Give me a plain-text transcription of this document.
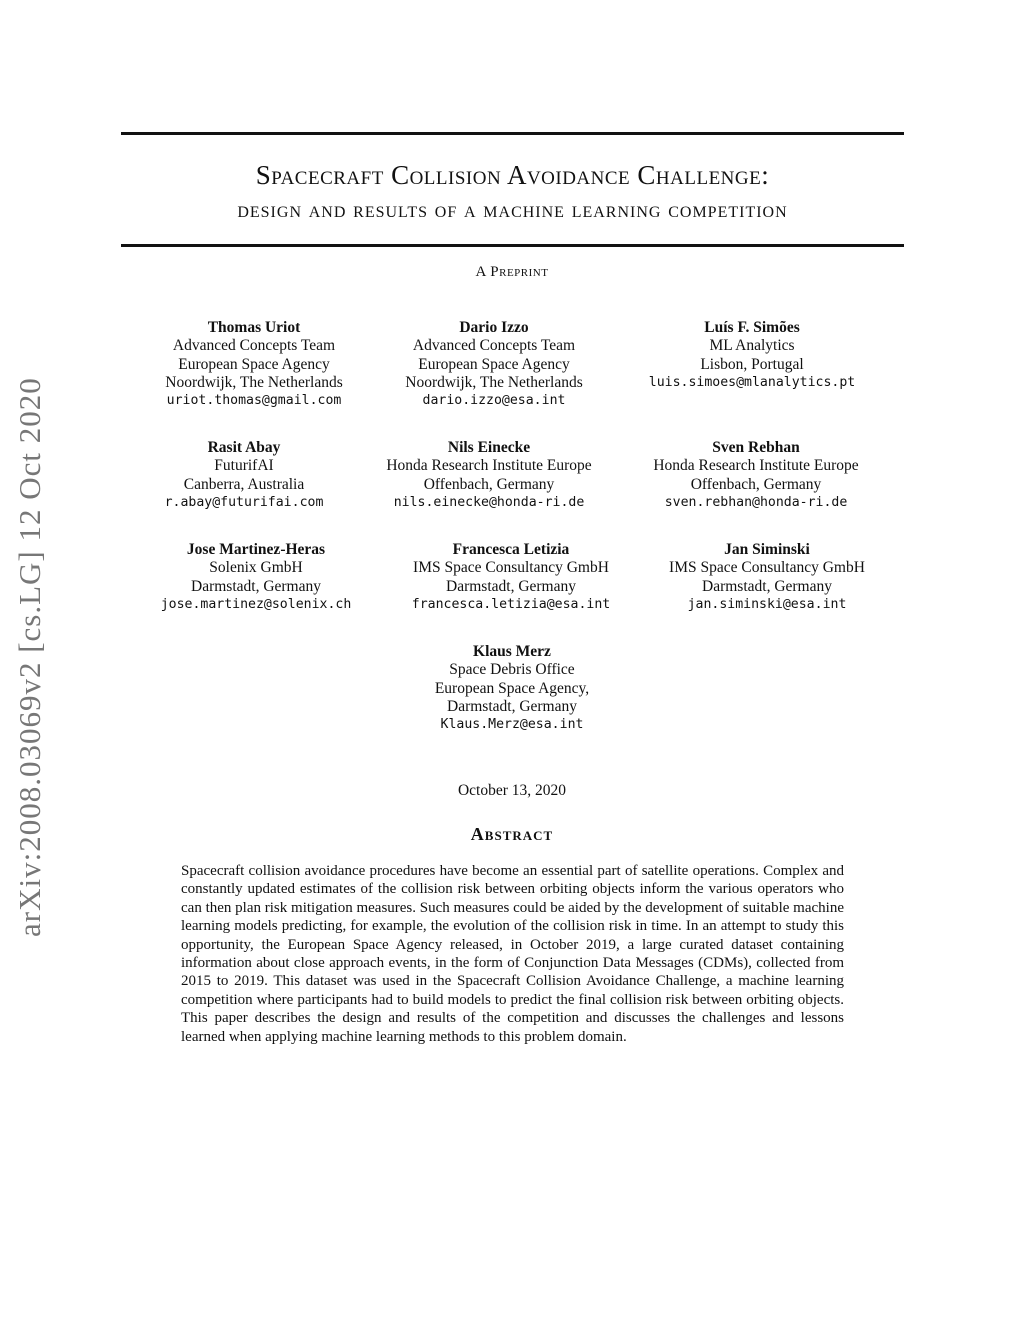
arXiv:2008.03069v2 [cs.LG] 12 Oct 2020
Spacecraft Collision Avoidance Challenge:
design and results of a machine learning competition
A Preprint
Thomas Uriot
Advanced Concepts Team
European Space Agency
Noordwijk, The Netherlands
uriot.thomas@gmail.com
Dario Izzo
Advanced Concepts Team
European Space Agency
Noordwijk, The Netherlands
dario.izzo@esa.int
Luís F. Simões
ML Analytics
Lisbon, Portugal
luis.simoes@mlanalytics.pt
Rasit Abay
FuturifAI
Canberra, Australia
r.abay@futurifai.com
Nils Einecke
Honda Research Institute Europe
Offenbach, Germany
nils.einecke@honda-ri.de
Sven Rebhan
Honda Research Institute Europe
Offenbach, Germany
sven.rebhan@honda-ri.de
Jose Martinez-Heras
Solenix GmbH
Darmstadt, Germany
jose.martinez@solenix.ch
Francesca Letizia
IMS Space Consultancy GmbH
Darmstadt, Germany
francesca.letizia@esa.int
Jan Siminski
IMS Space Consultancy GmbH
Darmstadt, Germany
jan.siminski@esa.int
Klaus Merz
Space Debris Office
European Space Agency,
Darmstadt, Germany
Klaus.Merz@esa.int
October 13, 2020
Abstract
Spacecraft collision avoidance procedures have become an essential part of satellite operations. Complex and constantly updated estimates of the collision risk between orbiting objects inform the various operators who can then plan risk mitigation measures. Such measures could be aided by the development of suitable machine learning models predicting, for example, the evolution of the collision risk in time. In an attempt to study this opportunity, the European Space Agency released, in October 2019, a large curated dataset containing information about close approach events, in the form of Conjunction Data Messages (CDMs), collected from 2015 to 2019. This dataset was used in the Spacecraft Collision Avoidance Challenge, a machine learning competition where participants had to build models to predict the final collision risk between orbiting objects. This paper describes the design and results of the competition and discusses the challenges and lessons learned when applying machine learning methods to this problem domain.
